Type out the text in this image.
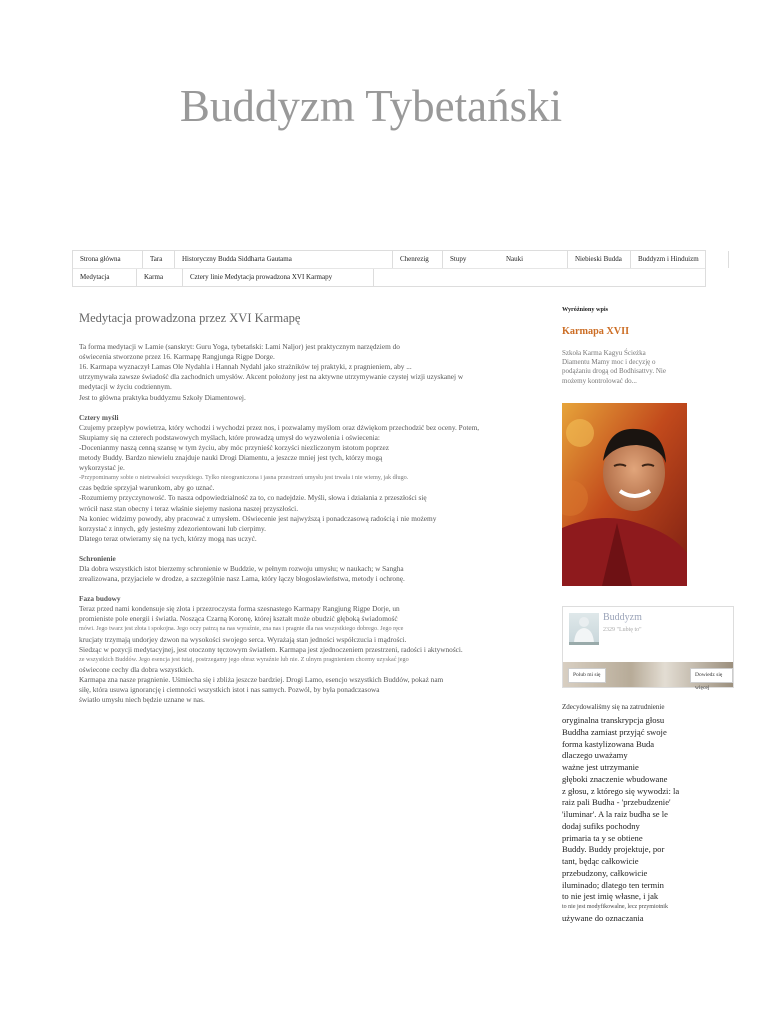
Buddyzm Tybetański
Strona główna	Tara	Historyczny Budda Siddharta Gautama	Chenrezig	Stupy	Nauki	Niebieski Budda	Buddyzm i Hinduizm
Medytacja	Karma	Cztery linie Medytacja prowadzona XVI Karmapy
Medytacja prowadzona przez XVI Karmapę

Ta forma medytacji w Lamie (sanskryt: Guru Yoga, tybetański: Lami Naljor) jest praktycznym narzędziem do

oświecenia stworzone przez 16. Karmapę Rangjunga Rigpe Dorge.

16. Karmapa wyznaczył Lamas Ole Nydahla i Hannah Nydahl jako strażników tej praktyki, z pragnieniem, aby ...

utrzymywała zawsze świadość dla zachodnich umysłów. Akcent położony jest na aktywne utrzymywanie czystej wizji uzyskanej w

medytacji w życiu codziennym.

Jest to główna praktyka buddyzmu Szkoły Diamentowej.

Cztery myśli

Czujemy przepływ powietrza, który wchodzi i wychodzi przez nos, i pozwalamy myślom oraz dźwiękom przechodzić bez oceny. Potem,

Skupiamy się na czterech podstawowych myślach, które prowadzą umysł do wyzwolenia i oświecenia:

-Docenianmy naszą cenną szansę w tym życiu, aby móc przynieść korzyści niezliczonym istotom poprzez

metody Buddy. Bardzo niewielu znajduje nauki Drogi Diamentu, a jeszcze mniej jest tych, którzy mogą

wykorzystać je.

-Przypominamy sobie o nietrwałości wszystkiego. Tylko nieograniczona i jasna przestrzeń umysłu jest trwała i nie wiemy, jak długo.

czas będzie sprzyjał warunkom, aby go uznać.

-Rozumiemy przyczynowość. To nasza odpowiedzialność za to, co nadejdzie. Myśli, słowa i działania z przeszłości się

wrócił nasz stan obecny i teraz właśnie siejemy nasiona naszej przyszłości.

Na koniec widzimy powody, aby pracować z umysłem. Oświecenie jest najwyższą i ponadczasową radością i nie możemy

korzystać z innych, gdy jesteśmy zdezorientowani lub cierpimy.

Dlatego teraz otwieramy się na tych, którzy mogą nas uczyć.

Schronienie

Dla dobra wszystkich istot bierzemy schronienie w Buddzie, w pełnym rozwoju umysłu; w naukach; w Sangha

zrealizowana, przyjaciele w drodze, a szczególnie nasz Lama, który łączy błogosławieństwa, metody i ochronę.

Faza budowy

Teraz przed nami kondensuje się złota i przezroczysta forma szesnastego Karmapy Rangjung Rigpe Dorje, un

promieniste pole energii i światła. Nosząca Czarną Koronę, której kształt może obudzić głęboką świadomość

mówi. Jego twarz jest złota i spokojna. Jego oczy patrzą na nas wyraźnie, zna nas i pragnie dla nas wszystkiego dobrego. Jego ręce

krucjaty trzymają undorjey dzwon na wysokości swojego serca. Wyrażają stan jedności współczucia i mądrości.

Siedząc w pozycji medytacyjnej, jest otoczony tęczowym światłem. Karmapa jest zjednoczeniem przestrzeni, radości i aktywności.

ze wszystkich Buddów. Jego esencja jest tutaj, postrzegamy jego obraz wyraźnie lub nie. Z ulnym pragnieniem chcemy uzyskać jego

oświecone cechy dla dobra wszystkich.

Karmapa zna nasze pragnienie. Uśmiecha się i zbliża jeszcze bardziej. Drogi Lamo, esencjo wszystkich Buddów, pokaż nam

siłę, która usuwa ignorancję i ciemności wszystkich istot i nas samych. Pozwól, by była ponadczasowa

światło umysłu niech będzie uznane w nas.

Wyróżniony wpis

Karmapa XVII

Szkoła Karma Kagyu Ścieżka Diamentu Mamy moc i decyzję o podążaniu drogą od Bodhisattvy. Nie możemy kontrolować do...
Buddyzm
2329 "Lubię to"
Polub mi się	Dowiedz się więcej

Zdecydowaliśmy się na zatrudnienie

oryginalna transkrypcja głosu

Buddha zamiast przyjąć swoje

forma kastylizowana Buda

dlaczego uważamy

ważne jest utrzymanie

głęboki znaczenie wbudowane

z głosu, z którego się wywodzi: la

raiz pali Budha - 'przebudzenie'

'iluminar'. A la raiz budha se le

dodaj sufiks pochodny

primaria ta y se obtiene

Buddy. Buddy projektuje, por

tant, będąc całkowicie

przebudzony, całkowicie

iluminado; dlatego ten termin

to nie jest imię własne, i jak

to nie jest modyfikowalne, lecz przymiotnik

używane do oznaczania
